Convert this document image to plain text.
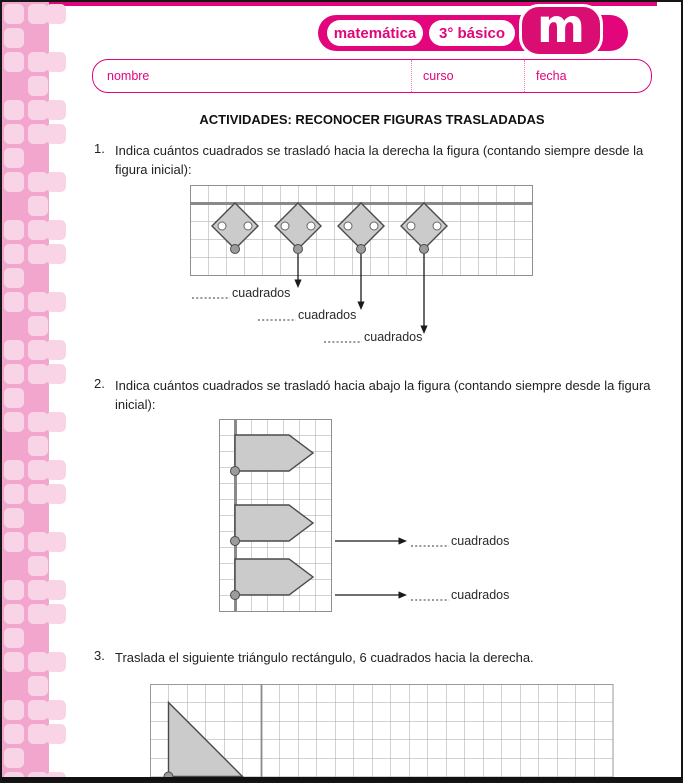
matemática 3° básico m
nombre	curso	fecha
ACTIVIDADES: RECONOCER FIGURAS TRASLADADAS
1. Indica cuántos cuadrados se trasladó hacia la derecha la figura (contando siempre desde la figura inicial):
cuadrados
cuadrados
cuadrados
2. Indica cuántos cuadrados se trasladó hacia abajo la figura (contando siempre desde la figura inicial):
cuadrados
cuadrados
3. Traslada el siguiente triángulo rectángulo, 6 cuadrados hacia la derecha.
